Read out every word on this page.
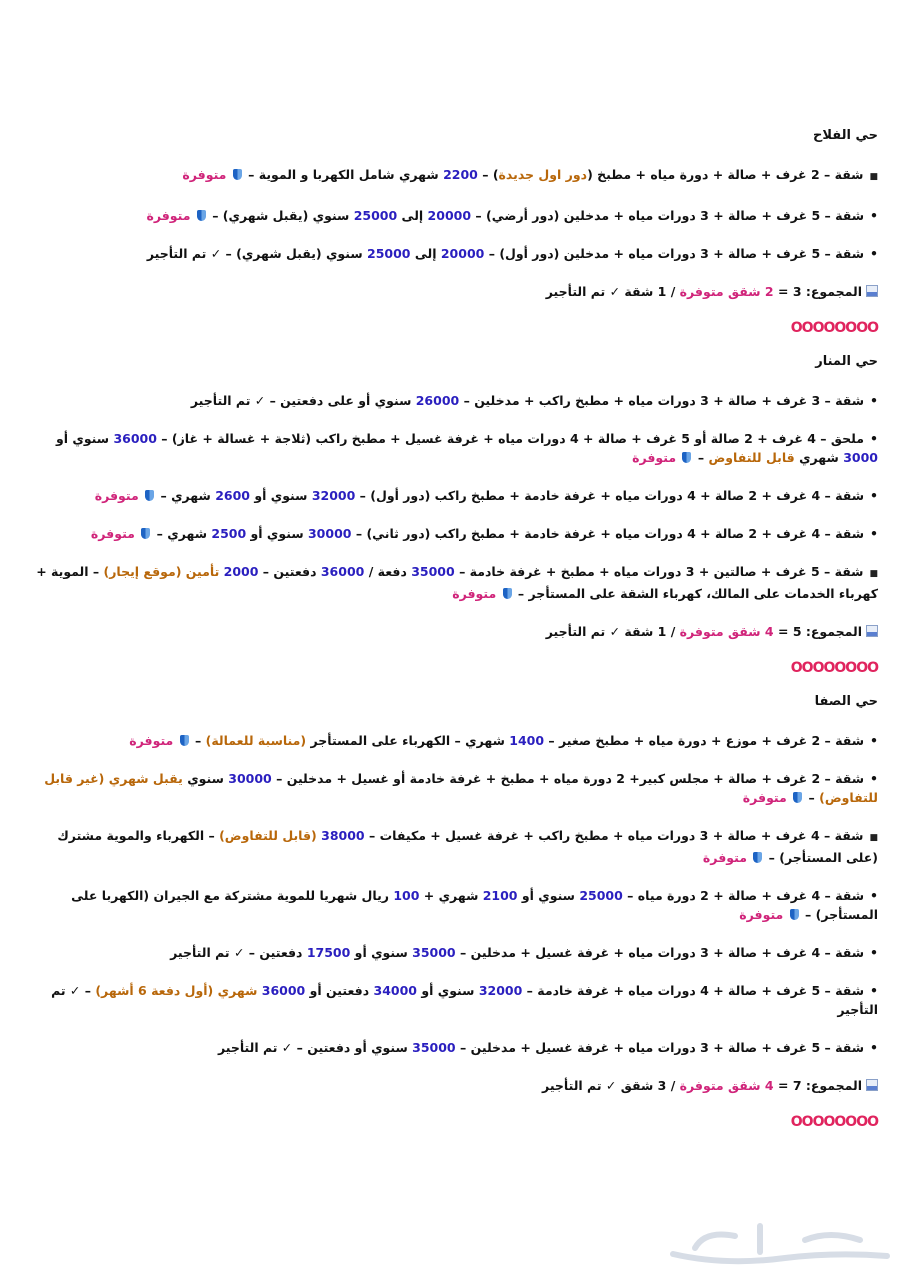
حي الفلاح
■شقة – 2 غرف + صالة + دورة مياه + مطبخ (دور اول جديدة) – 2200 شهري شامل الكهربا و الموية –  متوفرة
•شقة – 5 غرف + صالة + 3 دورات مياه + مدخلين (دور أرضي) – 20000 إلى 25000 سنوي (يقبل شهري) –  متوفرة
•شقة – 5 غرف + صالة + 3 دورات مياه + مدخلين (دور أول) – 20000 إلى 25000 سنوي (يقبل شهري) – ✓ تم التأجير
المجموع: 3 = 2 شقق متوفرة / 1 شقة ✓ تم التأجير
OOOOOOOO
حي المنار
•شقة – 3 غرف + صالة + 3 دورات مياه + مطبخ راكب + مدخلين – 26000 سنوي أو على دفعتين – ✓ تم التأجير
•ملحق – 4 غرف + 2 صالة أو 5 غرف + صالة + 4 دورات مياه + غرفة غسيل + مطبخ راكب (ثلاجة + غسالة + غاز) – 36000 سنوي أو 3000 شهري قابل للتفاوض –  متوفرة
•شقة – 4 غرف + 2 صالة + 4 دورات مياه + غرفة خادمة + مطبخ راكب (دور أول) – 32000 سنوي أو 2600 شهري –  متوفرة
•شقة – 4 غرف + 2 صالة + 4 دورات مياه + غرفة خادمة + مطبخ راكب (دور ثاني) – 30000 سنوي أو 2500 شهري –  متوفرة
■شقة – 5 غرف + صالتين + 3 دورات مياه + مطبخ + غرفة خادمة – 35000 دفعة / 36000 دفعتين – 2000 تأمين (موقع إيجار) – الموية + كهرباء الخدمات على المالك، كهرباء الشقة على المستأجر –  متوفرة
المجموع: 5 = 4 شقق متوفرة / 1 شقة ✓ تم التأجير
OOOOOOOO
حي الصفا
•شقة – 2 غرف + موزع + دورة مياه + مطبخ صغير – 1400 شهري – الكهرباء على المستأجر (مناسبة للعمالة) –  متوفرة
•شقة – 2 غرف + صالة + مجلس كبير+ 2 دورة مياه + مطبخ + غرفة خادمة أو غسيل + مدخلين – 30000 سنوي يقبل شهري (غير قابل للتفاوض) –  متوفرة
■شقة – 4 غرف + صالة + 3 دورات مياه + مطبخ راكب + غرفة غسيل + مكيفات – 38000 (قابل للتفاوض) – الكهرباء والموية مشترك (على المستأجر) –  متوفرة
•شقة – 4 غرف + صالة + 2 دورة مياه – 25000 سنوي أو 2100 شهري + 100 ريال شهريا للموية مشتركة مع الجيران (الكهربا على المستأجر) –  متوفرة
•شقة – 4 غرف + صالة + 3 دورات مياه + غرفة غسيل + مدخلين – 35000 سنوي أو 17500 دفعتين – ✓ تم التأجير
•شقة – 5 غرف + صالة + 4 دورات مياه + غرفة خادمة – 32000 سنوي أو 34000 دفعتين أو 36000 شهري (أول دفعة 6 أشهر) – ✓ تم التأجير
•شقة – 5 غرف + صالة + 3 دورات مياه + غرفة غسيل + مدخلين – 35000 سنوي أو دفعتين – ✓ تم التأجير
المجموع: 7 = 4 شقق متوفرة / 3 شقق ✓ تم التأجير
OOOOOOOO
حراج
